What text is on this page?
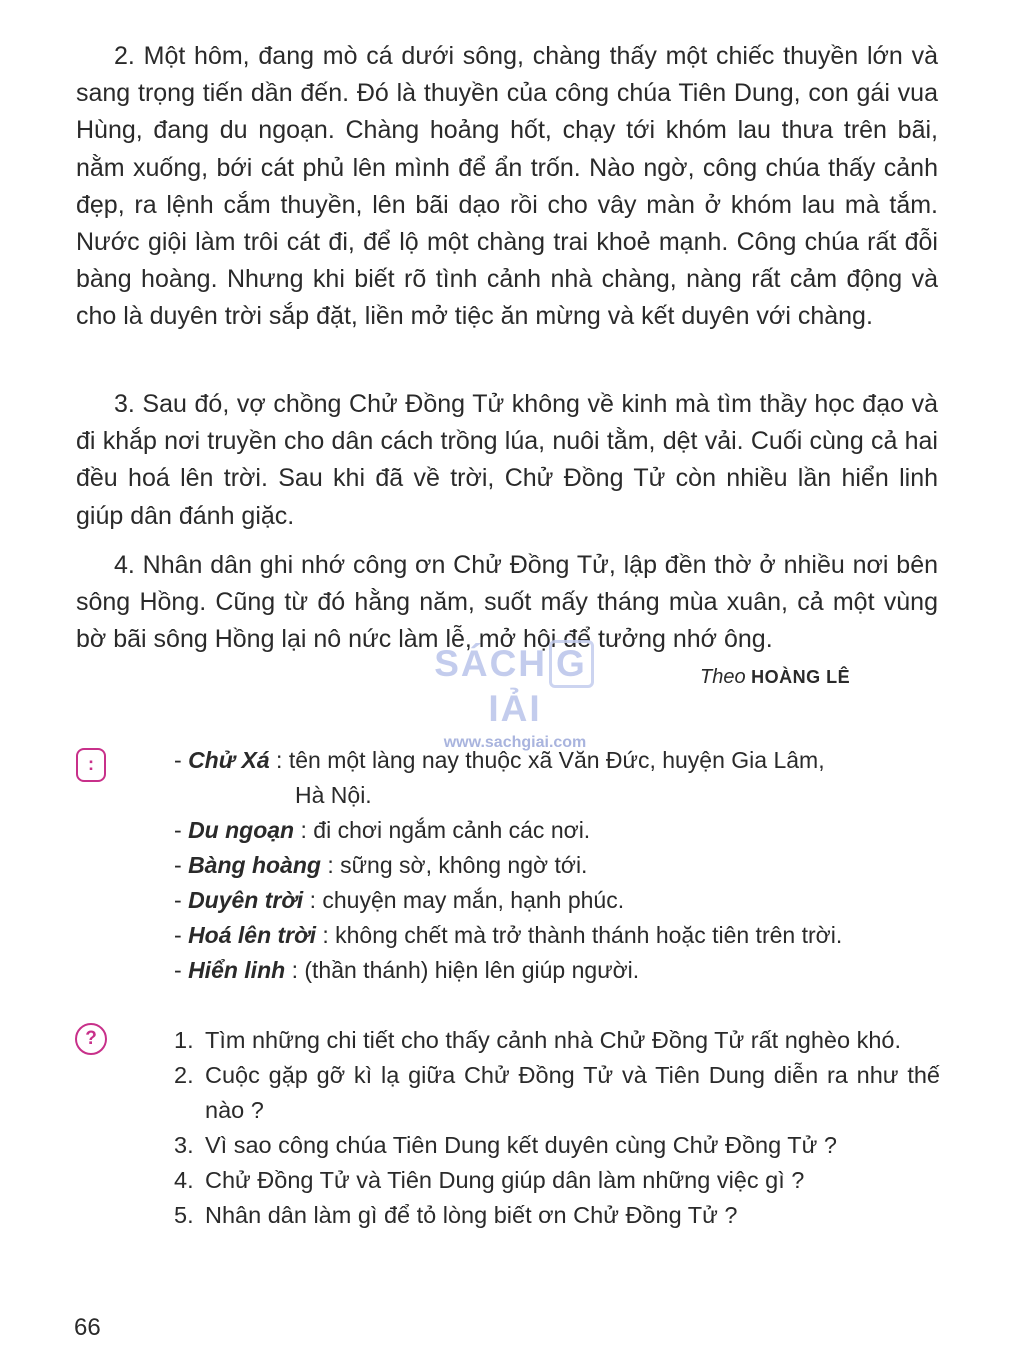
2. Một hôm, đang mò cá dưới sông, chàng thấy một chiếc thuyền lớn và sang trọng tiến dần đến. Đó là thuyền của công chúa Tiên Dung, con gái vua Hùng, đang du ngoạn. Chàng hoảng hốt, chạy tới khóm lau thưa trên bãi, nằm xuống, bới cát phủ lên mình để ẩn trốn. Nào ngờ, công chúa thấy cảnh đẹp, ra lệnh cắm thuyền, lên bãi dạo rồi cho vây màn ở khóm lau mà tắm. Nước giội làm trôi cát đi, để lộ một chàng trai khoẻ mạnh. Công chúa rất đỗi bàng hoàng. Nhưng khi biết rõ tình cảnh nhà chàng, nàng rất cảm động và cho là duyên trời sắp đặt, liền mở tiệc ăn mừng và kết duyên với chàng.

3. Sau đó, vợ chồng Chử Đồng Tử không về kinh mà tìm thầy học đạo và đi khắp nơi truyền cho dân cách trồng lúa, nuôi tằm, dệt vải. Cuối cùng cả hai đều hoá lên trời. Sau khi đã về trời, Chử Đồng Tử còn nhiều lần hiển linh giúp dân đánh giặc.

4. Nhân dân ghi nhớ công ơn Chử Đồng Tử, lập đền thờ ở nhiều nơi bên sông Hồng. Cũng từ đó hằng năm, suốt mấy tháng mùa xuân, cả một vùng bờ bãi sông Hồng lại nô nức làm lễ, mở hội để tưởng nhớ ông.

SÁCH GIẢI
www.sachgiai.com
Theo HOÀNG LÊ
:	- Chử Xá : tên một làng nay thuộc xã Văn Đức, huyện Gia Lâm,
Hà Nội.
- Du ngoạn : đi chơi ngắm cảnh các nơi.
- Bàng hoàng : sững sờ, không ngờ tới.
- Duyên trời : chuyện may mắn, hạnh phúc.
- Hoá lên trời : không chết mà trở thành thánh hoặc tiên trên trời.
- Hiển linh : (thần thánh) hiện lên giúp người.
?	1. Tìm những chi tiết cho thấy cảnh nhà Chử Đồng Tử rất nghèo khó.
2. Cuộc gặp gỡ kì lạ giữa Chử Đồng Tử và Tiên Dung diễn ra như thế nào ?
3. Vì sao công chúa Tiên Dung kết duyên cùng Chử Đồng Tử ?
4. Chử Đồng Tử và Tiên Dung giúp dân làm những việc gì ?
5. Nhân dân làm gì để tỏ lòng biết ơn Chử Đồng Tử ?
66
